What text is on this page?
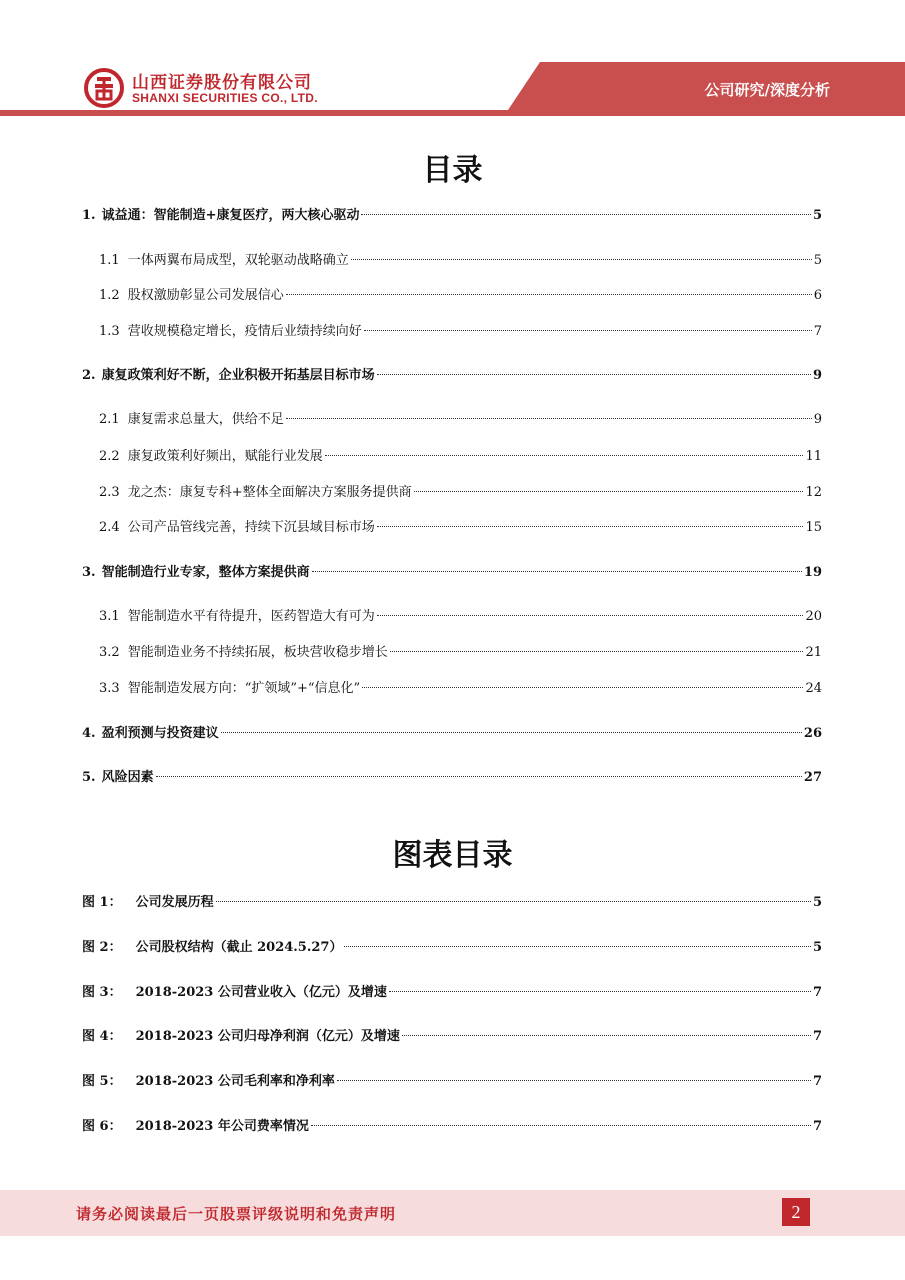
山西证券股份有限公司
SHANXI SECURITIES CO., LTD.	公司研究/深度分析
目录
1. 诚益通：智能制造+康复医疗，两大核心驱动	5
1.1 一体两翼布局成型，双轮驱动战略确立	5
1.2 股权激励彰显公司发展信心	6
1.3 营收规模稳定增长，疫情后业绩持续向好	7
2. 康复政策利好不断，企业积极开拓基层目标市场	9
2.1 康复需求总量大，供给不足	9
2.2 康复政策利好频出，赋能行业发展	11
2.3 龙之杰：康复专科+整体全面解决方案服务提供商	12
2.4 公司产品管线完善，持续下沉县域目标市场	15
3. 智能制造行业专家，整体方案提供商	19
3.1 智能制造水平有待提升，医药智造大有可为	20
3.2 智能制造业务不持续拓展，板块营收稳步增长	21
3.3 智能制造发展方向：“扩领域”+“信息化”	24
4. 盈利预测与投资建议	26
5. 风险因素	27
图 1： 公司发展历程	5
图 2： 公司股权结构（截止 2024.5.27）	5
图 3： 2018-2023 公司营业收入（亿元）及增速	7
图 4： 2018-2023 公司归母净利润（亿元）及增速	7
图 5： 2018-2023 公司毛利率和净利率	7
图 6： 2018-2023 年公司费率情况	7
图表目录
请务必阅读最后一页股票评级说明和免责声明	2
